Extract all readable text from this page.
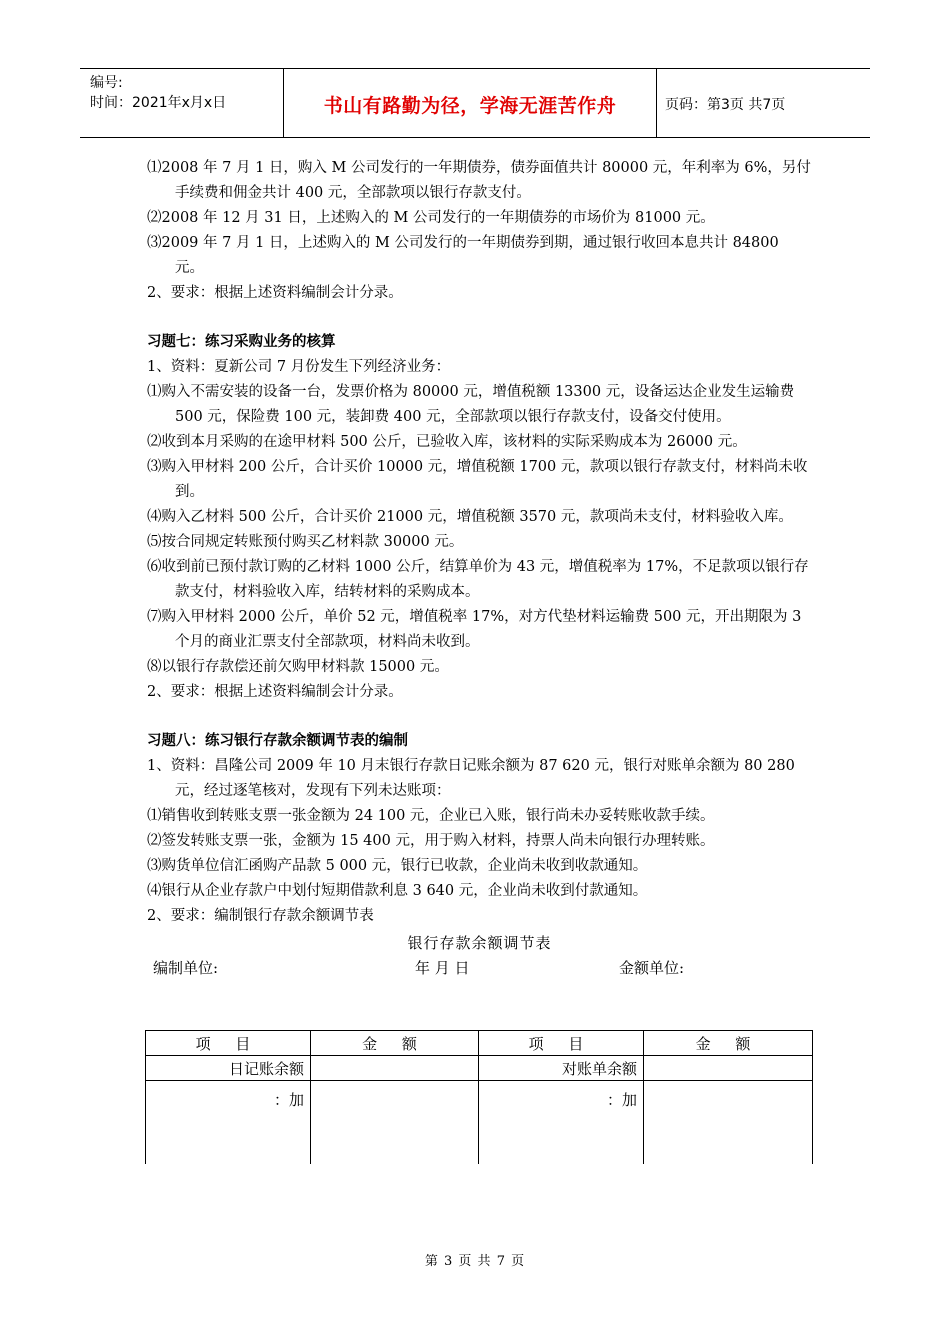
编号:
时间：2021年x月x日	书山有路勤为径，学海无涯苦作舟	页码：第3页 共7页

⑴2008 年 7 月 1 日，购入 M 公司发行的一年期债券，债券面值共计 80000 元，年利率为 6%，另付手续费和佣金共计 400 元，全部款项以银行存款支付。

⑵2008 年 12 月 31 日，上述购入的 M 公司发行的一年期债券的市场价为 81000 元。

⑶2009 年 7 月 1 日，上述购入的 M 公司发行的一年期债券到期，通过银行收回本息共计 84800 元。

2、要求：根据上述资料编制会计分录。

习题七：练习采购业务的核算

1、资料：夏新公司 7 月份发生下列经济业务：

⑴购入不需安装的设备一台，发票价格为 80000 元，增值税额 13300 元，设备运达企业发生运输费 500 元，保险费 100 元，装卸费 400 元，全部款项以银行存款支付，设备交付使用。

⑵收到本月采购的在途甲材料 500 公斤，已验收入库，该材料的实际采购成本为 26000 元。

⑶购入甲材料 200 公斤，合计买价 10000 元，增值税额 1700 元，款项以银行存款支付，材料尚未收到。

⑷购入乙材料 500 公斤，合计买价 21000 元，增值税额 3570 元，款项尚未支付，材料验收入库。

⑸按合同规定转账预付购买乙材料款 30000 元。

⑹收到前已预付款订购的乙材料 1000 公斤，结算单价为 43 元，增值税率为 17%，不足款项以银行存款支付，材料验收入库，结转材料的采购成本。

⑺购入甲材料 2000 公斤，单价 52 元，增值税率 17%，对方代垫材料运输费 500 元，开出期限为 3 个月的商业汇票支付全部款项，材料尚未收到。

⑻以银行存款偿还前欠购甲材料款 15000 元。

2、要求：根据上述资料编制会计分录。

习题八：练习银行存款余额调节表的编制

1、资料：昌隆公司 2009 年 10 月末银行存款日记账余额为 87 620 元，银行对账单余额为 80 280 元，经过逐笔核对，发现有下列未达账项：

⑴销售收到转账支票一张金额为 24 100 元，企业已入账，银行尚未办妥转账收款手续。

⑵签发转账支票一张，金额为 15 400 元，用于购入材料，持票人尚未向银行办理转账。

⑶购货单位信汇函购产品款 5 000 元，银行已收款，企业尚未收到收款通知。

⑷银行从企业存款户中划付短期借款利息 3 640 元，企业尚未收到付款通知。

2、要求：编制银行存款余额调节表

银行存款余额调节表
编制单位:	年 月 日	金额单位:
项 目	金 额	项 目	金 额
日记账余额		对账单余额	
：加		：加	
第 3 页 共 7 页
